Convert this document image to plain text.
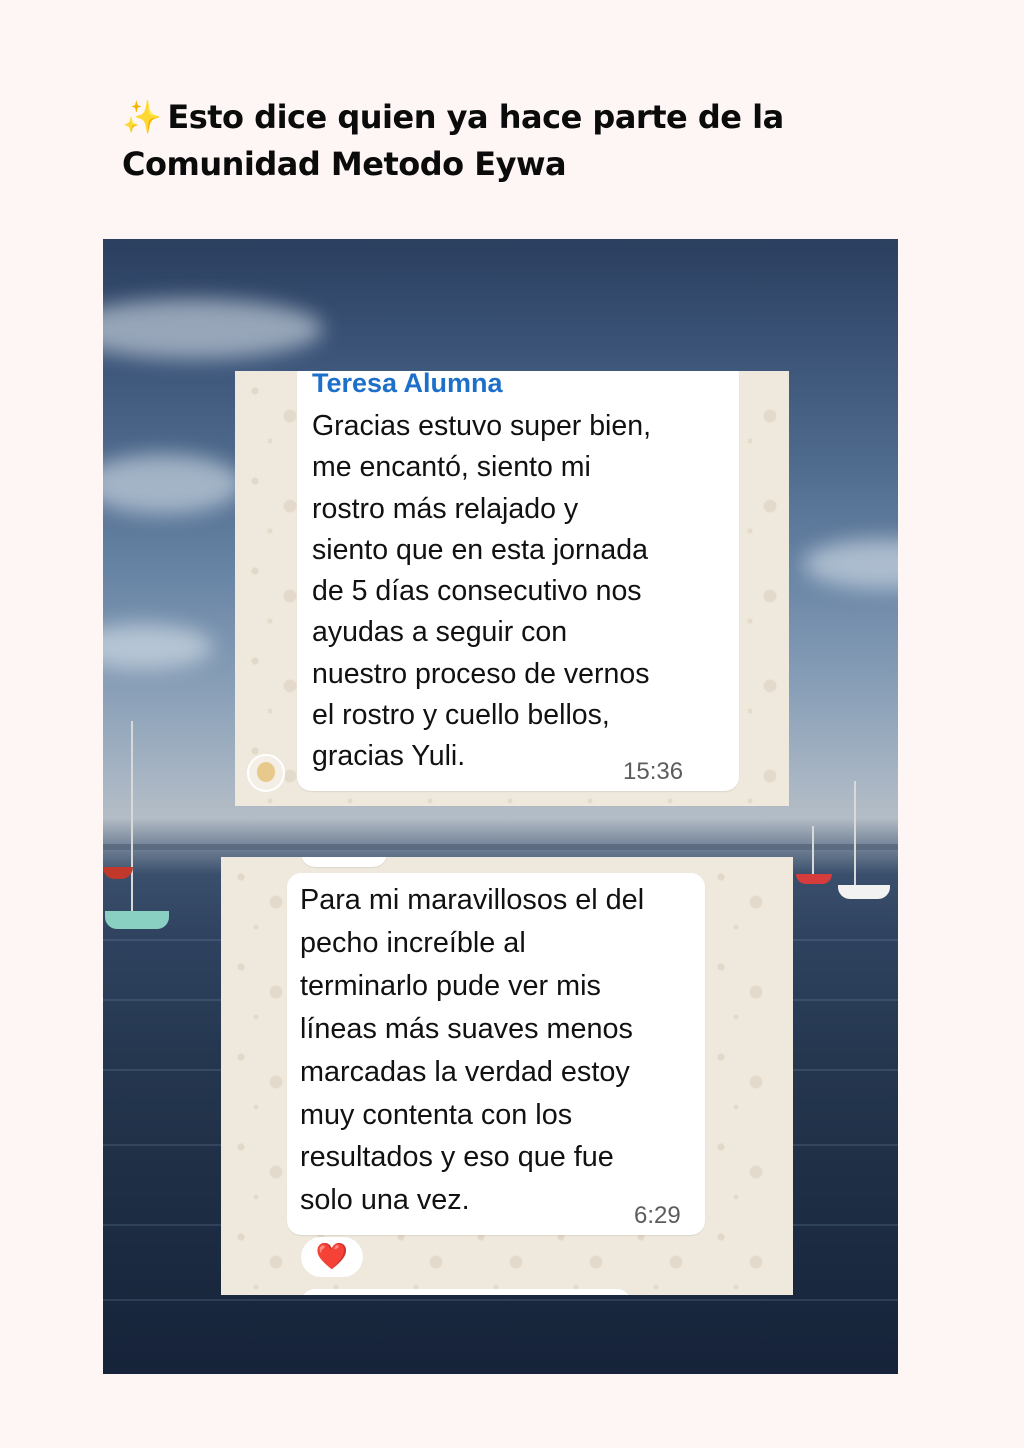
✨ Esto dice quien ya hace parte de la Comunidad Metodo Eywa
Teresa Alumna
Gracias estuvo super bien,
me encantó, siento mi
rostro más relajado y
siento que en esta jornada
de 5 días consecutivo nos
ayudas a seguir con
nuestro proceso de vernos
el rostro y cuello bellos,
gracias Yuli.	15:36
Para mi maravillosos el del
pecho increíble al
terminarlo pude ver mis
líneas más suaves menos
marcadas la verdad estoy
muy contenta con los
resultados y eso que fue
solo una vez.	6:29
❤️
